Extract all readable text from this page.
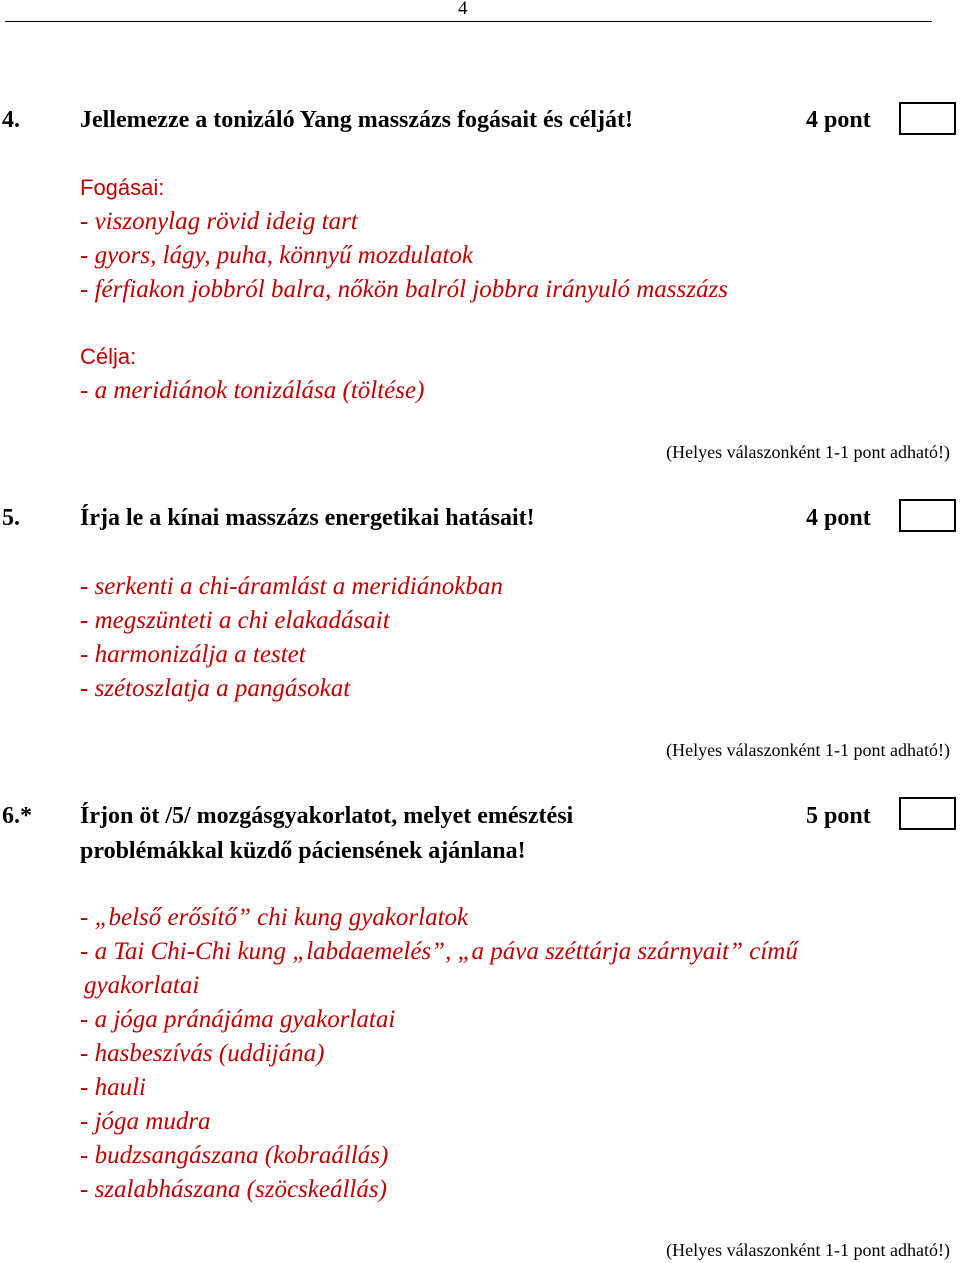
4
4.	Jellemezze a tonizáló Yang masszázs fogásait és célját!	4 pont
Fogásai:
- viszonylag rövid ideig tart
- gyors, lágy, puha, könnyű mozdulatok
- férfiakon jobbról balra, nőkön balról jobbra irányuló masszázs
Célja:
- a meridiánok tonizálása (töltése)
(Helyes válaszonként 1-1 pont adható!)
5.	Írja le a kínai masszázs energetikai hatásait!	4 pont
- serkenti a chi-áramlást a meridiánokban
- megszünteti a chi elakadásait
- harmonizálja a testet
- szétoszlatja a pangásokat
(Helyes válaszonként 1-1 pont adható!)
6.* Írjon öt /5/ mozgásgyakorlatot, melyet emésztési
problémákkal küzdő páciensének ajánlana!
5 pont
- „belső erősítő” chi kung gyakorlatok
- a Tai Chi-Chi kung „labdaemelés”, „a páva széttárja szárnyait” című
gyakorlatai
- a jóga pránájáma gyakorlatai
- hasbeszívás (uddijána)
- hauli
- jóga mudra
- budzsangászana (kobraállás)
- szalabhászana (szöcskeállás)
(Helyes válaszonként 1-1 pont adható!)
